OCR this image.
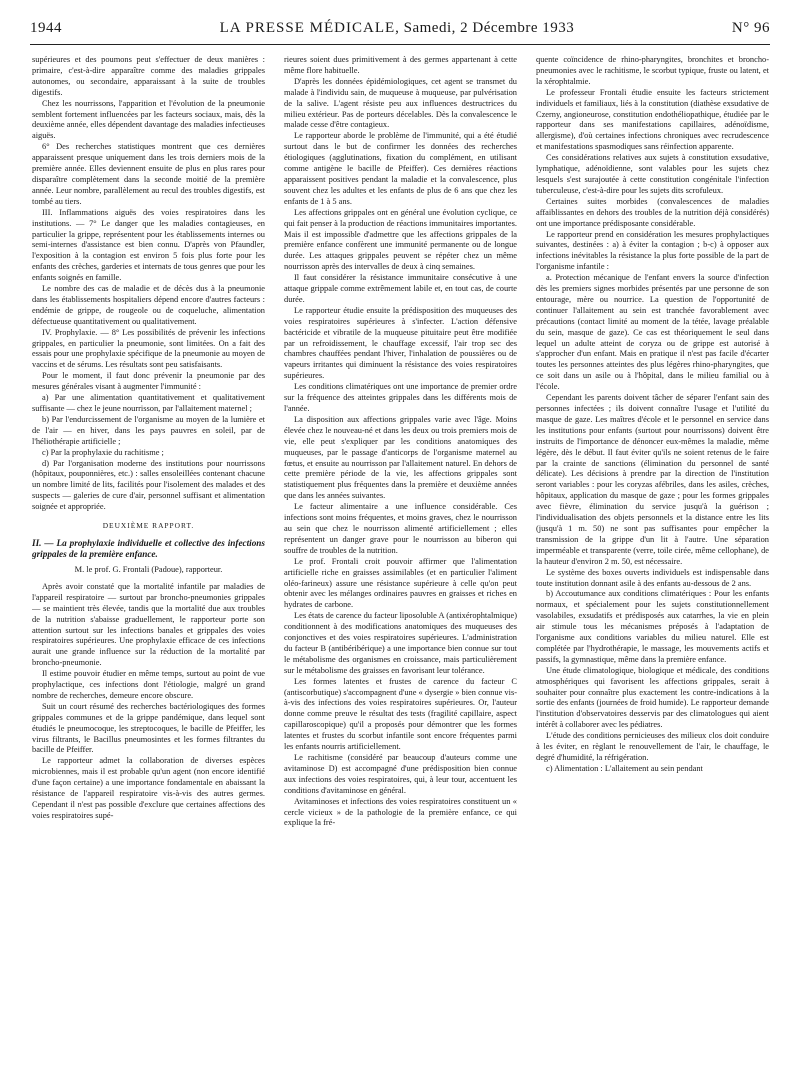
1944	LA PRESSE MÉDICALE, Samedi, 2 Décembre 1933	N° 96

supérieures et des poumons peut s'effectuer de deux manières : primaire, c'est-à-dire apparaître comme des maladies grippales autonomes, ou secondaire, apparaissant à la suite de troubles digestifs.

Chez les nourrissons, l'apparition et l'évolution de la pneumonie semblent fortement influencées par les facteurs sociaux, mais, dès la deuxième année, elles dépendent davantage des maladies infectieuses aiguës.

6° Des recherches statistiques montrent que ces dernières apparaissent presque uniquement dans les trois derniers mois de la première année. Elles deviennent ensuite de plus en plus rares pour disparaître complètement dans la seconde moitié de la première année. Leur nombre, parallèlement au recul des troubles digestifs, est tombé au tiers.

III. Inflammations aiguës des voies respiratoires dans les institutions. — 7° Le danger que les maladies contagieuses, en particulier la grippe, représentent pour les établissements internes ou semi-internes d'assistance est bien connu. D'après von Pfaundler, l'exposition à la contagion est environ 5 fois plus forte pour les enfants des crèches, garderies et internats de tous genres que pour les enfants soignés en famille.

Le nombre des cas de maladie et de décès dus à la pneumonie dans les établissements hospitaliers dépend encore d'autres facteurs : endémie de grippe, de rougeole ou de coqueluche, alimentation défectueuse quantitativement ou qualitativement.

IV. Prophylaxie. — 8° Les possibilités de prévenir les infections grippales, en particulier la pneumonie, sont limitées. On a fait des essais pour une prophylaxie spécifique de la pneumonie au moyen de vaccins et de sérums. Les résultats sont peu satisfaisants.

Pour le moment, il faut donc prévenir la pneumonie par des mesures générales visant à augmenter l'immunité :

a) Par une alimentation quantitativement et qualitativement suffisante — chez le jeune nourrisson, par l'allaitement maternel ;

b) Par l'endurcissement de l'organisme au moyen de la lumière et de l'air — en hiver, dans les pays pauvres en soleil, par de l'héliothérapie artificielle ;

c) Par la prophylaxie du rachitisme ;

d) Par l'organisation moderne des institutions pour nourrissons (hôpitaux, pouponnières, etc.) : salles ensoleillées contenant chacune un nombre limité de lits, facilités pour l'isolement des malades et des suspects — galeries de cure d'air, personnel suffisant et alimentation soignée et appropriée.

DEUXIÈME RAPPORT.

II. — La prophylaxie individuelle et collective des infections grippales de la première enfance.

M. le prof. G. Frontali (Padoue), rapporteur.

Après avoir constaté que la mortalité infantile par maladies de l'appareil respiratoire — surtout par broncho-pneumonies grippales — se maintient très élevée, tandis que la mortalité due aux troubles de la nutrition s'abaisse graduellement, le rapporteur porte son attention surtout sur les infections banales et grippales des voies respiratoires supérieures. Une prophylaxie efficace de ces infections aurait une grande influence sur la réduction de la mortalité par broncho-pneumonie.

Il estime pouvoir étudier en même temps, surtout au point de vue prophylactique, ces infections dont l'étiologie, malgré un grand nombre de recherches, demeure encore obscure.

Suit un court résumé des recherches bactériologiques des formes grippales communes et de la grippe pandémique, dans lequel sont étudiés le pneumocoque, les streptocoques, le bacille de Pfeiffer, les virus filtrants, le Bacillus pneumosintes et les formes filtrantes du bacille de Pfeiffer.

Le rapporteur admet la collaboration de diverses espèces microbiennes, mais il est probable qu'un agent (non encore identifié d'une façon certaine) a une importance fondamentale en abaissant la résistance de l'appareil respiratoire vis-à-vis des autres germes. Cependant il n'est pas possible d'exclure que certaines affections des voies respiratoires supé-

rieures soient dues primitivement à des germes appartenant à cette même flore habituelle.

D'après les données épidémiologiques, cet agent se transmet du malade à l'individu sain, de muqueuse à muqueuse, par pulvérisation de la salive. L'agent résiste peu aux influences destructrices du milieu extérieur. Pas de porteurs décelables. Dès la convalescence le malade cesse d'être contagieux.

Le rapporteur aborde le problème de l'immunité, qui a été étudié surtout dans le but de confirmer les données des recherches étiologiques (agglutinations, fixation du complément, en utilisant comme antigène le bacille de Pfeiffer). Ces dernières réactions apparaissent positives pendant la maladie et la convalescence, plus souvent chez les adultes et les enfants de plus de 6 ans que chez les enfants de 1 à 5 ans.

Les affections grippales ont en général une évolution cyclique, ce qui fait penser à la production de réactions immunitaires importantes. Mais il est impossible d'admettre que les affections grippales de la première enfance confèrent une immunité permanente ou de longue durée. Les attaques grippales peuvent se répéter chez un même nourrisson après des intervalles de deux à cinq semaines.

Il faut considérer la résistance immunitaire consécutive à une attaque grippale comme extrêmement labile et, en tout cas, de courte durée.

Le rapporteur étudie ensuite la prédisposition des muqueuses des voies respiratoires supérieures à s'infecter. L'action défensive bactéricide et vibratile de la muqueuse pituitaire peut être modifiée par un refroidissement, le chauffage excessif, l'air trop sec des chambres chauffées pendant l'hiver, l'inhalation de poussières ou de vapeurs irritantes qui diminuent la résistance des voies respiratoires supérieures.

Les conditions climatériques ont une importance de premier ordre sur la fréquence des atteintes grippales dans les différents mois de l'année.

La disposition aux affections grippales varie avec l'âge. Moins élevée chez le nouveau-né et dans les deux ou trois premiers mois de vie, elle peut s'expliquer par les conditions anatomiques des muqueuses, par le passage d'anticorps de l'organisme maternel au fœtus, et ensuite au nourrisson par l'allaitement naturel. En dehors de cette première période de la vie, les affections grippales sont statistiquement plus fréquentes dans la première et deuxième années que dans les années suivantes.

Le facteur alimentaire a une influence considérable. Ces infections sont moins fréquentes, et moins graves, chez le nourrisson au sein que chez le nourrisson alimenté artificiellement ; elles représentent un danger grave pour le nourrisson au biberon qui souffre de troubles de la nutrition.

Le prof. Frontali croit pouvoir affirmer que l'alimentation artificielle riche en graisses assimilables (et en particulier l'aliment oléo-farineux) assure une résistance supérieure à celle qu'on peut obtenir avec les mélanges ordinaires pauvres en graisses et riches en hydrates de carbone.

Les états de carence du facteur liposoluble A (antixérophtalmique) conditionnent à des modifications anatomiques des muqueuses des conjonctives et des voies respiratoires supérieures. L'administration du facteur B (antibéribérique) a une importance bien connue sur tout le métabolisme des organismes en croissance, mais particulièrement sur le métabolisme des graisses en favorisant leur tolérance.

Les formes latentes et frustes de carence du facteur C (antiscorbutique) s'accompagnent d'une « dysergie » bien connue vis-à-vis des infections des voies respiratoires supérieures. Or, l'auteur donne comme preuve le résultat des tests (fragilité capillaire, aspect capillaroscopique) qu'il a proposés pour démontrer que les formes latentes et frustes du scorbut infantile sont encore fréquentes parmi les enfants nourris artificiellement.

Le rachitisme (considéré par beaucoup d'auteurs comme une avitaminose D) est accompagné d'une prédisposition bien connue aux infections des voies respiratoires, qui, à leur tour, accentuent les conditions d'avitaminose en général.

Avitaminoses et infections des voies respiratoires constituent un « cercle vicieux » de la pathologie de la première enfance, ce qui explique la fré-

quente coïncidence de rhino-pharyngites, bronchites et broncho-pneumonies avec le rachitisme, le scorbut typique, fruste ou latent, et la xérophtalmie.

Le professeur Frontali étudie ensuite les facteurs strictement individuels et familiaux, liés à la constitution (diathèse exsudative de Czerny, angioneurose, constitution endothéliopathique, étudiée par le rapporteur dans ses manifestations capillaires, adénoïdisme, allergisme), d'où certaines infections chroniques avec recrudescence et manifestations spasmodiques sans réinfection apparente.

Ces considérations relatives aux sujets à constitution exsudative, lymphatique, adénoïdienne, sont valables pour les sujets chez lesquels s'est surajoutée à cette constitution congénitale l'infection tuberculeuse, c'est-à-dire pour les sujets dits scrofuleux.

Certaines suites morbides (convalescences de maladies affaiblissantes en dehors des troubles de la nutrition déjà considérés) ont une importance prédisposante considérable.

Le rapporteur prend en considération les mesures prophylactiques suivantes, destinées : a) à éviter la contagion ; b-c) à opposer aux infections inévitables la résistance la plus forte possible de la part de l'organisme infantile :

a. Protection mécanique de l'enfant envers la source d'infection dès les premiers signes morbides présentés par une personne de son entourage, mère ou nourrice. La question de l'opportunité de continuer l'allaitement au sein est tranchée favorablement avec précautions (contact limité au moment de la tétée, lavage préalable du sein, masque de gaze). Ce cas est théoriquement le seul dans lequel un adulte atteint de coryza ou de grippe est autorisé à s'approcher d'un enfant. Mais en pratique il n'est pas facile d'écarter toutes les personnes atteintes des plus légères rhino-pharyngites, que ce soit dans un asile ou à l'hôpital, dans le milieu familial ou à l'école.

Cependant les parents doivent tâcher de séparer l'enfant sain des personnes infectées ; ils doivent connaître l'usage et l'utilité du masque de gaze. Les maîtres d'école et le personnel en service dans les institutions pour enfants (surtout pour nourrissons) doivent être instruits de l'importance de dénoncer eux-mêmes la maladie, même légère, dès le début. Il faut éviter qu'ils ne soient retenus de le faire par la crainte de sanctions (élimination du personnel de santé délicate). Les décisions à prendre par la direction de l'institution seront variables : pour les coryzas afébriles, dans les asiles, crèches, hôpitaux, application du masque de gaze ; pour les formes grippales avec fièvre, élimination du service jusqu'à la guérison ; l'individualisation des objets personnels et la distance entre les lits (jusqu'à 1 m. 50) ne sont pas suffisantes pour empêcher la transmission de la grippe d'un lit à l'autre. Une séparation imperméable et transparente (verre, toile cirée, même cellophane), de la hauteur d'environ 2 m. 50, est nécessaire.

Le système des boxes ouverts individuels est indispensable dans toute institution donnant asile à des enfants au-dessous de 2 ans.

b) Accoutumance aux conditions climatériques : Pour les enfants normaux, et spécialement pour les sujets constitutionnellement vasolabiles, exsudatifs et prédisposés aux catarrhes, la vie en plein air stimule tous les mécanismes préposés à l'adaptation de l'organisme aux conditions variables du milieu naturel. Elle est complétée par l'hydrothérapie, le massage, les mouvements actifs et passifs, la gymnastique, même dans la première enfance.

Une étude climatologique, biologique et médicale, des conditions atmosphériques qui favorisent les affections grippales, serait à souhaiter pour connaître plus exactement les contre-indications à la sortie des enfants (journées de froid humide). Le rapporteur demande l'institution d'observatoires desservis par des climatologues qui aient intérêt à collaborer avec les pédiatres.

L'étude des conditions pernicieuses des milieux clos doit conduire à les éviter, en règlant le renouvellement de l'air, le chauffage, le degré d'humidité, la réfrigération.

c) Alimentation : L'allaitement au sein pendant
